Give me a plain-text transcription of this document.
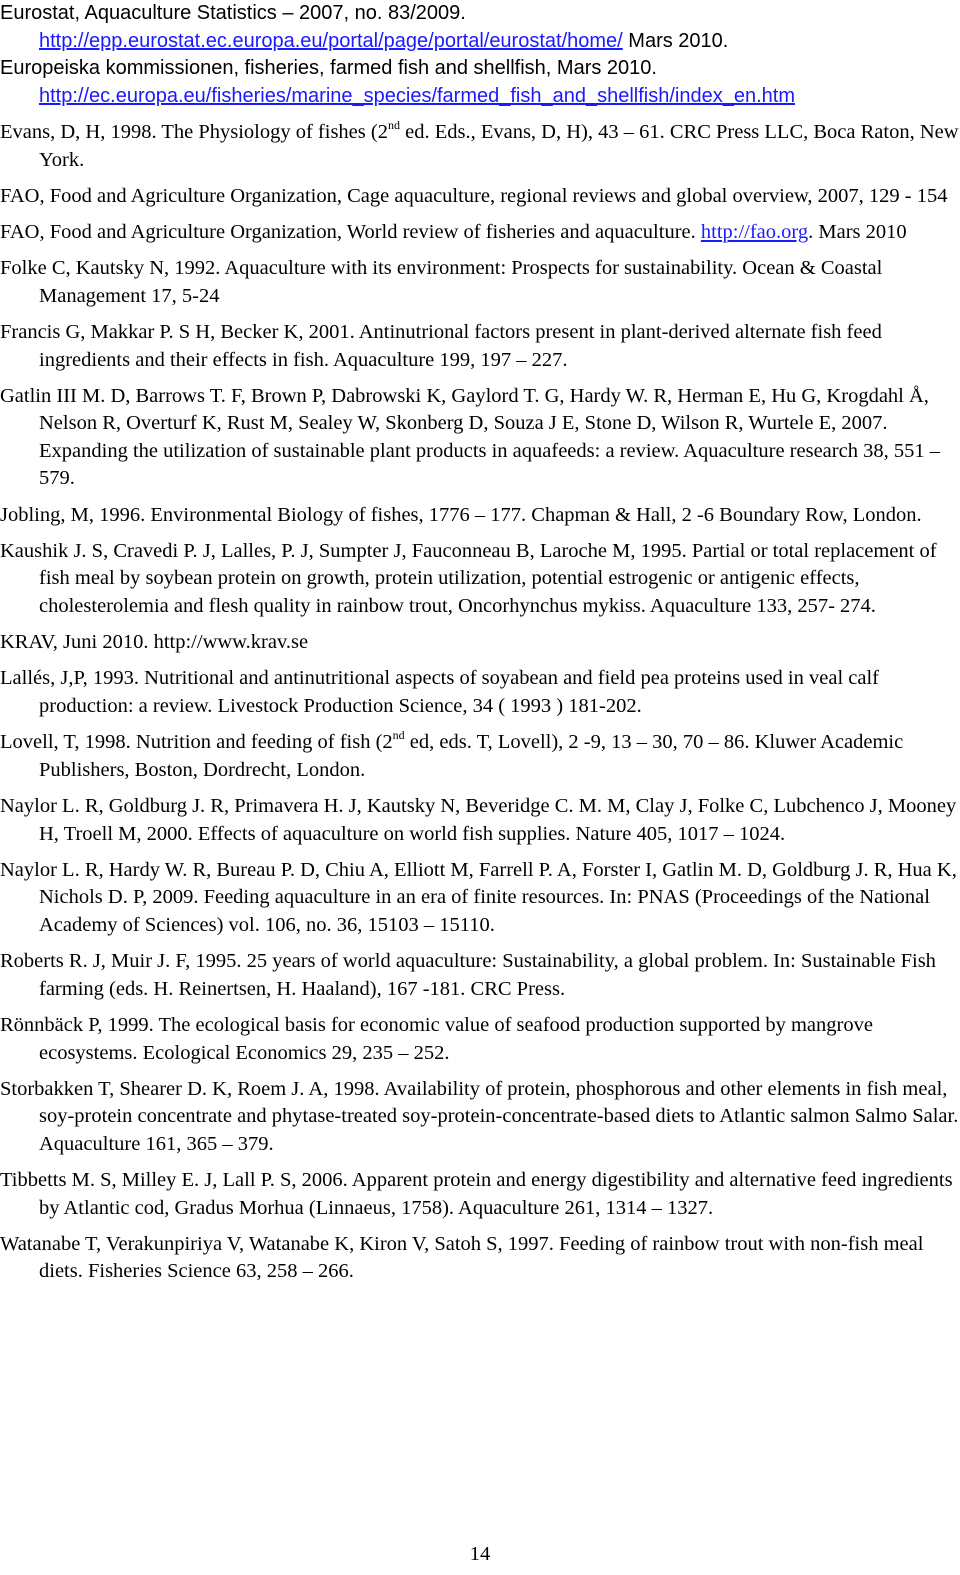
Eurostat, Aquaculture Statistics – 2007, no. 83/2009. http://epp.eurostat.ec.europa.eu/portal/page/portal/eurostat/home/ Mars 2010.

Europeiska kommissionen, fisheries, farmed fish and shellfish, Mars 2010. http://ec.europa.eu/fisheries/marine_species/farmed_fish_and_shellfish/index_en.htm

Evans, D, H, 1998. The Physiology of fishes (2nd ed. Eds., Evans, D, H), 43 – 61. CRC Press LLC, Boca Raton, New York.

FAO, Food and Agriculture Organization, Cage aquaculture, regional reviews and global overview, 2007, 129 - 154

FAO, Food and Agriculture Organization, World review of fisheries and aquaculture. http://fao.org. Mars 2010

Folke C, Kautsky N, 1992. Aquaculture with its environment: Prospects for sustainability. Ocean & Coastal Management 17, 5-24

Francis G, Makkar P. S H, Becker K, 2001. Antinutrional factors present in plant-derived alternate fish feed ingredients and their effects in fish. Aquaculture 199, 197 – 227.

Gatlin III M. D, Barrows T. F, Brown P, Dabrowski K, Gaylord T. G, Hardy W. R, Herman E, Hu G, Krogdahl Å, Nelson R, Overturf K, Rust M, Sealey W, Skonberg D, Souza J E, Stone D, Wilson R, Wurtele E, 2007. Expanding the utilization of sustainable plant products in aquafeeds: a review. Aquaculture research 38, 551 – 579.

Jobling, M, 1996. Environmental Biology of fishes, 1776 – 177. Chapman & Hall, 2 -6 Boundary Row, London.

Kaushik J. S, Cravedi P. J, Lalles, P. J, Sumpter J, Fauconneau B, Laroche M, 1995. Partial or total replacement of fish meal by soybean protein on growth, protein utilization, potential estrogenic or antigenic effects, cholesterolemia and flesh quality in rainbow trout, Oncorhynchus mykiss. Aquaculture 133, 257- 274.

KRAV, Juni 2010. http://www.krav.se

Lallés, J,P, 1993. Nutritional and antinutritional aspects of soyabean and field pea proteins used in veal calf production: a review. Livestock Production Science, 34 ( 1993 ) 181-202.

Lovell, T, 1998. Nutrition and feeding of fish (2nd ed, eds. T, Lovell), 2 -9, 13 – 30, 70 – 86. Kluwer Academic Publishers, Boston, Dordrecht, London.

Naylor L. R, Goldburg J. R, Primavera H. J, Kautsky N, Beveridge C. M. M, Clay J, Folke C, Lubchenco J, Mooney H, Troell M, 2000. Effects of aquaculture on world fish supplies. Nature 405, 1017 – 1024.

Naylor L. R, Hardy W. R, Bureau P. D, Chiu A, Elliott M, Farrell P. A, Forster I, Gatlin M. D, Goldburg J. R, Hua K, Nichols D. P, 2009. Feeding aquaculture in an era of finite resources. In: PNAS (Proceedings of the National Academy of Sciences) vol. 106, no. 36, 15103 – 15110.

Roberts R. J, Muir J. F, 1995. 25 years of world aquaculture: Sustainability, a global problem. In: Sustainable Fish farming (eds. H. Reinertsen, H. Haaland), 167 -181. CRC Press.

Rönnbäck P, 1999. The ecological basis for economic value of seafood production supported by mangrove ecosystems. Ecological Economics 29, 235 – 252.

Storbakken T, Shearer D. K, Roem J. A, 1998. Availability of protein, phosphorous and other elements in fish meal, soy-protein concentrate and phytase-treated soy-protein-concentrate-based diets to Atlantic salmon Salmo Salar. Aquaculture 161, 365 – 379.

Tibbetts M. S, Milley E. J, Lall P. S, 2006. Apparent protein and energy digestibility and alternative feed ingredients by Atlantic cod, Gradus Morhua (Linnaeus, 1758). Aquaculture 261, 1314 – 1327.

Watanabe T, Verakunpiriya V, Watanabe K, Kiron V, Satoh S, 1997. Feeding of rainbow trout with non-fish meal diets. Fisheries Science 63, 258 – 266.

14
